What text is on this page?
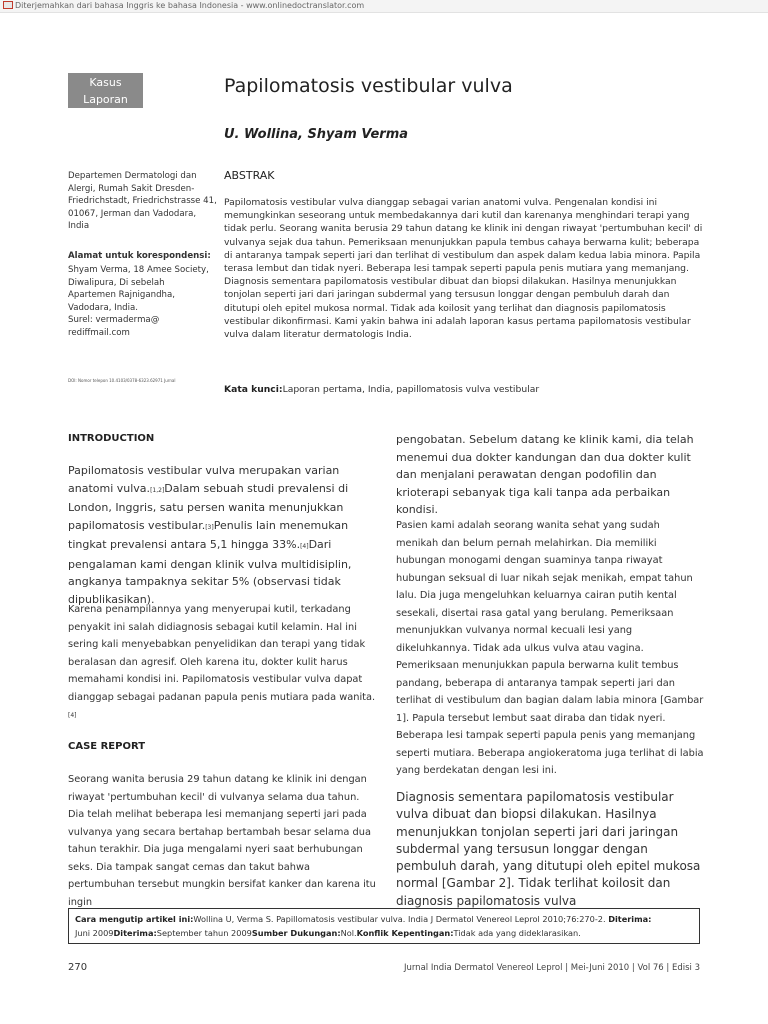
Diterjemahkan dari bahasa Inggris ke bahasa Indonesia - www.onlinedoctranslator.com
Kasus
Laporan
Papilomatosis vestibular vulva
U. Wollina, Shyam Verma
Departemen Dermatologi dan Alergi, Rumah Sakit Dresden-Friedrichstadt, Friedrichstrasse 41, 01067, Jerman dan Vadodara, India
Alamat untuk korespondensi:
Shyam Verma, 18 Amee Society,
Diwalipura, Di sebelah
Apartemen Rajnigandha,
Vadodara, India.
Surel: vermaderma@
rediffmail.com
DOI: Nomor telepon 10.4103/0378-6323.62971 Jurnal
ABSTRAK
Papilomatosis vestibular vulva dianggap sebagai varian anatomi vulva. Pengenalan kondisi ini memungkinkan seseorang untuk membedakannya dari kutil dan karenanya menghindari terapi yang tidak perlu. Seorang wanita berusia 29 tahun datang ke klinik ini dengan riwayat 'pertumbuhan kecil' di vulvanya sejak dua tahun. Pemeriksaan menunjukkan papula tembus cahaya berwarna kulit; beberapa di antaranya tampak seperti jari dan terlihat di vestibulum dan aspek dalam kedua labia minora. Papila terasa lembut dan tidak nyeri. Beberapa lesi tampak seperti papula penis mutiara yang memanjang. Diagnosis sementara papilomatosis vestibular dibuat dan biopsi dilakukan. Hasilnya menunjukkan tonjolan seperti jari dari jaringan subdermal yang tersusun longgar dengan pembuluh darah dan ditutupi oleh epitel mukosa normal. Tidak ada koilosit yang terlihat dan diagnosis papilomatosis vestibular dikonfirmasi. Kami yakin bahwa ini adalah laporan kasus pertama papilomatosis vestibular vulva dalam literatur dermatologis India.
Kata kunci:Laporan pertama, India, papillomatosis vulva vestibular
INTRODUCTION

Papilomatosis vestibular vulva merupakan varian anatomi vulva.[1,2]Dalam sebuah studi prevalensi di London, Inggris, satu persen wanita menunjukkan papilomatosis vestibular.[3]Penulis lain menemukan tingkat prevalensi antara 5,1 hingga 33%.[4]Dari pengalaman kami dengan klinik vulva multidisiplin, angkanya tampaknya sekitar 5% (observasi tidak dipublikasikan).

Karena penampilannya yang menyerupai kutil, terkadang penyakit ini salah didiagnosis sebagai kutil kelamin. Hal ini sering kali menyebabkan penyelidikan dan terapi yang tidak beralasan dan agresif. Oleh karena itu, dokter kulit harus memahami kondisi ini. Papilomatosis vestibular vulva dapat dianggap sebagai padanan papula penis mutiara pada wanita.[4]

CASE REPORT

Seorang wanita berusia 29 tahun datang ke klinik ini dengan riwayat 'pertumbuhan kecil' di vulvanya selama dua tahun. Dia telah melihat beberapa lesi memanjang seperti jari pada vulvanya yang secara bertahap bertambah besar selama dua tahun terakhir. Dia juga mengalami nyeri saat berhubungan seks. Dia tampak sangat cemas dan takut bahwa pertumbuhan tersebut mungkin bersifat kanker dan karena itu ingin

pengobatan. Sebelum datang ke klinik kami, dia telah menemui dua dokter kandungan dan dua dokter kulit dan menjalani perawatan dengan podofilin dan krioterapi sebanyak tiga kali tanpa ada perbaikan kondisi.

Pasien kami adalah seorang wanita sehat yang sudah menikah dan belum pernah melahirkan. Dia memiliki hubungan monogami dengan suaminya tanpa riwayat hubungan seksual di luar nikah sejak menikah, empat tahun lalu. Dia juga mengeluhkan keluarnya cairan putih kental sesekali, disertai rasa gatal yang berulang. Pemeriksaan menunjukkan vulvanya normal kecuali lesi yang dikeluhkannya. Tidak ada ulkus vulva atau vagina. Pemeriksaan menunjukkan papula berwarna kulit tembus pandang, beberapa di antaranya tampak seperti jari dan terlihat di vestibulum dan bagian dalam labia minora [Gambar 1]. Papula tersebut lembut saat diraba dan tidak nyeri. Beberapa lesi tampak seperti papula penis yang memanjang seperti mutiara. Beberapa angiokeratoma juga terlihat di labia yang berdekatan dengan lesi ini.

Diagnosis sementara papilomatosis vestibular vulva dibuat dan biopsi dilakukan. Hasilnya menunjukkan tonjolan seperti jari dari jaringan subdermal yang tersusun longgar dengan pembuluh darah, yang ditutupi oleh epitel mukosa normal [Gambar 2]. Tidak terlihat koilosit dan diagnosis papilomatosis vulva

Cara mengutip artikel ini:Wollina U, Verma S. Papillomatosis vestibular vulva. India J Dermatol Venereol Leprol 2010;76:270-2. Diterima:
Juni 2009Diterima:September tahun 2009Sumber Dukungan:Nol.Konflik Kepentingan:Tidak ada yang dideklarasikan.
270	Jurnal India Dermatol Venereol Leprol | Mei-Juni 2010 | Vol 76 | Edisi 3
